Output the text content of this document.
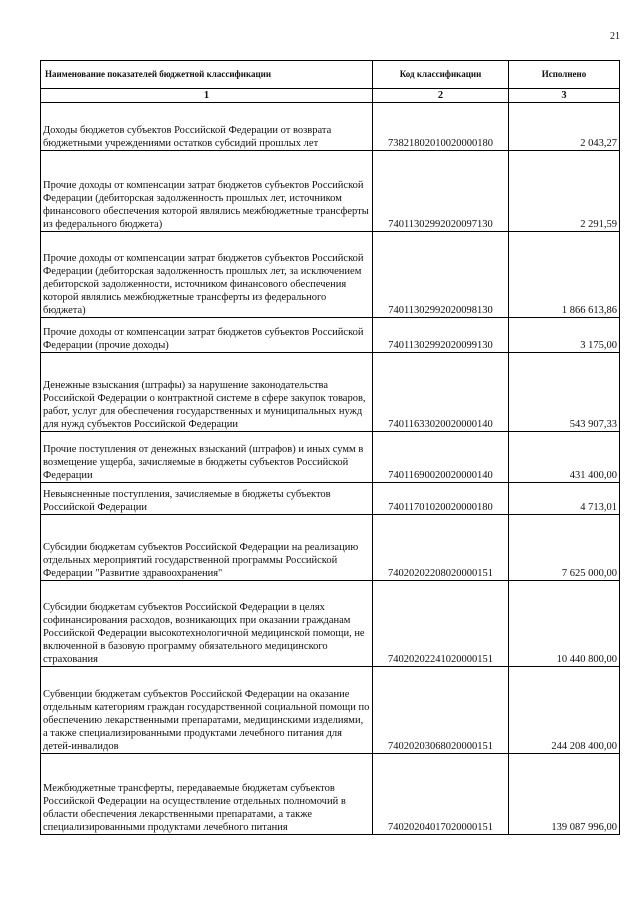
21
Наименование показателей бюджетной классификации	Код классификации	Исполнено
1	2	3
Доходы бюджетов субъектов Российской Федерации от возврата бюджетными учреждениями остатков субсидий прошлых лет	73821802010020000180	2 043,27
Прочие доходы от компенсации затрат бюджетов субъектов Российской Федерации (дебиторская задолженность прошлых лет, источником финансового обеспечения которой являлись межбюджетные трансферты из федерального бюджета)	74011302992020097130	2 291,59
Прочие доходы от компенсации затрат бюджетов субъектов Российской Федерации (дебиторская задолженность прошлых лет, за исключением дебиторской задолженности, источником финансового обеспечения которой являлись межбюджетные трансферты из федерального бюджета)	74011302992020098130	1 866 613,86
Прочие доходы от компенсации затрат бюджетов субъектов Российской Федерации (прочие доходы)	74011302992020099130	3 175,00
Денежные взыскания (штрафы) за нарушение законодательства Российской Федерации о контрактной системе в сфере закупок товаров, работ, услуг для обеспечения государственных и муниципальных нужд для нужд субъектов Российской Федерации	74011633020020000140	543 907,33
Прочие поступления от денежных взысканий (штрафов) и иных сумм в возмещение ущерба, зачисляемые в бюджеты субъектов Российской Федерации	74011690020020000140	431 400,00
Невыясненные поступления, зачисляемые в бюджеты субъектов Российской Федерации	74011701020020000180	4 713,01
Субсидии бюджетам субъектов Российской Федерации на реализацию отдельных мероприятий государственной программы Российской Федерации "Развитие здравоохранения"	74020202208020000151	7 625 000,00
Субсидии бюджетам субъектов Российской Федерации в целях софинансирования расходов, возникающих при оказании гражданам Российской Федерации высокотехнологичной медицинской помощи, не включенной в базовую программу обязательного медицинского страхования	74020202241020000151	10 440 800,00
Субвенции бюджетам субъектов Российской Федерации на оказание отдельным категориям граждан государственной социальной помощи по обеспечению лекарственными препаратами, медицинскими изделиями, а также специализированными продуктами лечебного питания для детей-инвалидов	74020203068020000151	244 208 400,00
Межбюджетные трансферты, передаваемые бюджетам субъектов Российской Федерации на осуществление отдельных полномочий в области обеспечения лекарственными препаратами, а также специализированными продуктами лечебного питания	74020204017020000151	139 087 996,00
